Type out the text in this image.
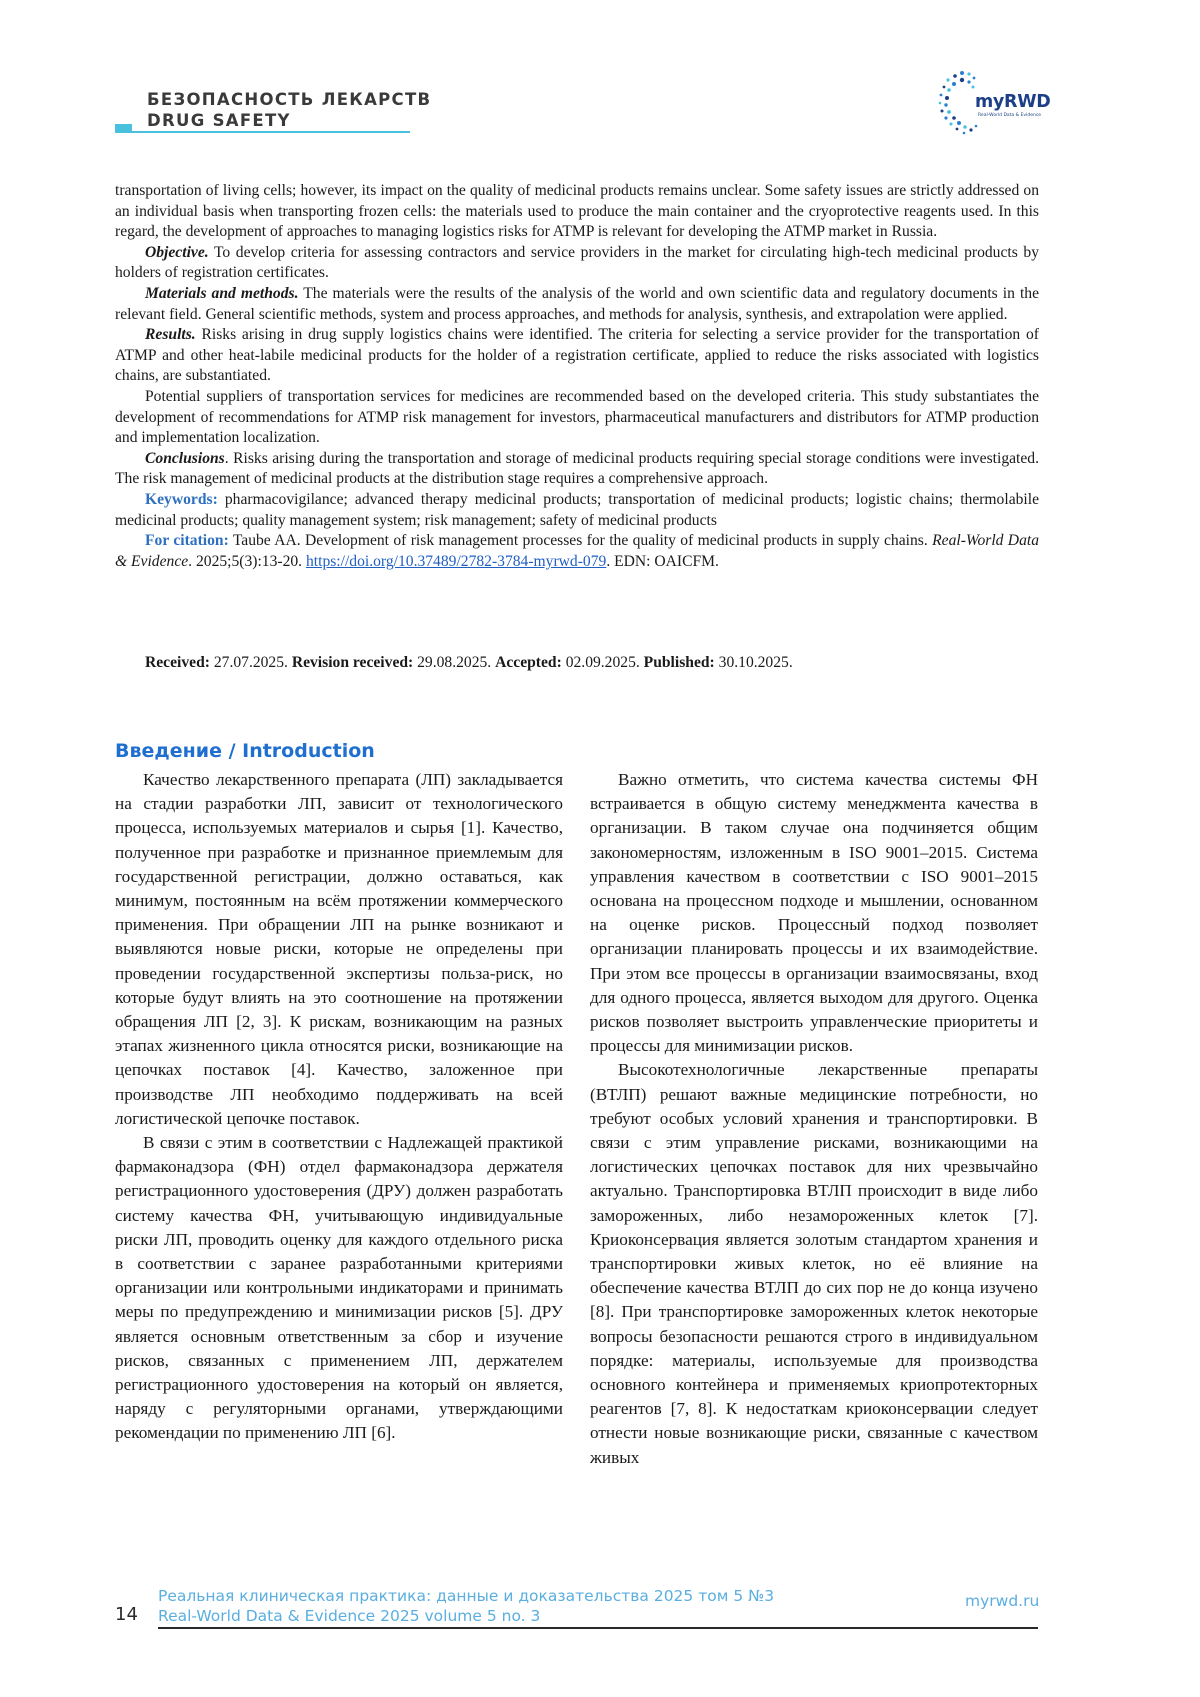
БЕЗОПАСНОСТЬ ЛЕКАРСТВ
DRUG SAFETY
myRWD
Real-World Data & Evidence

transportation of living cells; however, its impact on the quality of medicinal products remains unclear. Some safety issues are strictly addressed on an individual basis when transporting frozen cells: the materials used to produce the main container and the cryoprotective reagents used. In this regard, the development of approaches to managing logistics risks for ATMP is relevant for developing the ATMP market in Russia.

Objective. To develop criteria for assessing contractors and service providers in the market for circulating high-tech medicinal products by holders of registration certificates.

Materials and methods. The materials were the results of the analysis of the world and own scientific data and regulatory documents in the relevant field. General scientific methods, system and process approaches, and methods for analysis, synthesis, and extrapolation were applied.

Results. Risks arising in drug supply logistics chains were identified. The criteria for selecting a service provider for the transportation of ATMP and other heat-labile medicinal products for the holder of a registration certificate, applied to reduce the risks associated with logistics chains, are substantiated.

Potential suppliers of transportation services for medicines are recommended based on the developed criteria. This study substantiates the development of recommendations for ATMP risk management for investors, pharmaceutical manufacturers and distributors for ATMP production and implementation localization.

Conclusions. Risks arising during the transportation and storage of medicinal products requiring special storage conditions were investigated. The risk management of medicinal products at the distribution stage requires a comprehensive approach.

Keywords: pharmacovigilance; advanced therapy medicinal products; transportation of medicinal products; logistic chains; thermolabile medicinal products; quality management system; risk management; safety of medicinal products

For citation: Taube AA. Development of risk management processes for the quality of medicinal products in supply chains. Real-World Data & Evidence. 2025;5(3):13-20. https://doi.org/10.37489/2782-3784-myrwd-079. EDN: OAICFM.

Received: 27.07.2025. Revision received: 29.08.2025. Accepted: 02.09.2025. Published: 30.10.2025.
Введение / Introduction

Качество лекарственного препарата (ЛП) закладывается на стадии разработки ЛП, зависит от технологического процесса, используемых материалов и сырья [1]. Качество, полученное при разработке и признанное приемлемым для государственной регистрации, должно оставаться, как минимум, постоянным на всём протяжении коммерческого применения. При обращении ЛП на рынке возникают и выявляются новые риски, которые не определены при проведении государственной экспертизы польза-риск, но которые будут влиять на это соотношение на протяжении обращения ЛП [2, 3]. К рискам, возникающим на разных этапах жизненного цикла относятся риски, возникающие на цепочках поставок [4]. Качество, заложенное при производстве ЛП необходимо поддерживать на всей логистической цепочке поставок.

В связи с этим в соответствии с Надлежащей практикой фармаконадзора (ФН) отдел фармаконадзора держателя регистрационного удостоверения (ДРУ) должен разработать систему качества ФН, учитывающую индивидуальные риски ЛП, проводить оценку для каждого отдельного риска в соответствии с заранее разработанными критериями организации или контрольными индикаторами и принимать меры по предупреждению и минимизации рисков [5]. ДРУ является основным ответственным за сбор и изучение рисков, связанных с применением ЛП, держателем регистрационного удостоверения на который он является, наряду с регуляторными органами, утверждающими рекомендации по применению ЛП [6].

Важно отметить, что система качества системы ФН встраивается в общую систему менеджмента качества в организации. В таком случае она подчиняется общим закономерностям, изложенным в ISO 9001–2015. Система управления качеством в соответствии с ISO 9001–2015 основана на процессном подходе и мышлении, основанном на оценке рисков. Процессный подход позволяет организации планировать процессы и их взаимодействие. При этом все процессы в организации взаимосвязаны, вход для одного процесса, является выходом для другого. Оценка рисков позволяет выстроить управленческие приоритеты и процессы для минимизации рисков.

Высокотехнологичные лекарственные препараты (ВТЛП) решают важные медицинские потребности, но требуют особых условий хранения и транспортировки. В связи с этим управление рисками, возникающими на логистических цепочках поставок для них чрезвычайно актуально. Транспортировка ВТЛП происходит в виде либо замороженных, либо незамороженных клеток [7]. Криоконсервация является золотым стандартом хранения и транспортировки живых клеток, но её влияние на обеспечение качества ВТЛП до сих пор не до конца изучено [8]. При транспортировке замороженных клеток некоторые вопросы безопасности решаются строго в индивидуальном порядке: материалы, используемые для производства основного контейнера и применяемых криопротекторных реагентов [7, 8]. К недостаткам криоконсервации следует отнести новые возникающие риски, связанные с качеством живых

14
Реальная клиническая практика: данные и доказательства 2025 том 5 №3
Real-World Data & Evidence 2025 volume 5 no. 3
myrwd.ru
